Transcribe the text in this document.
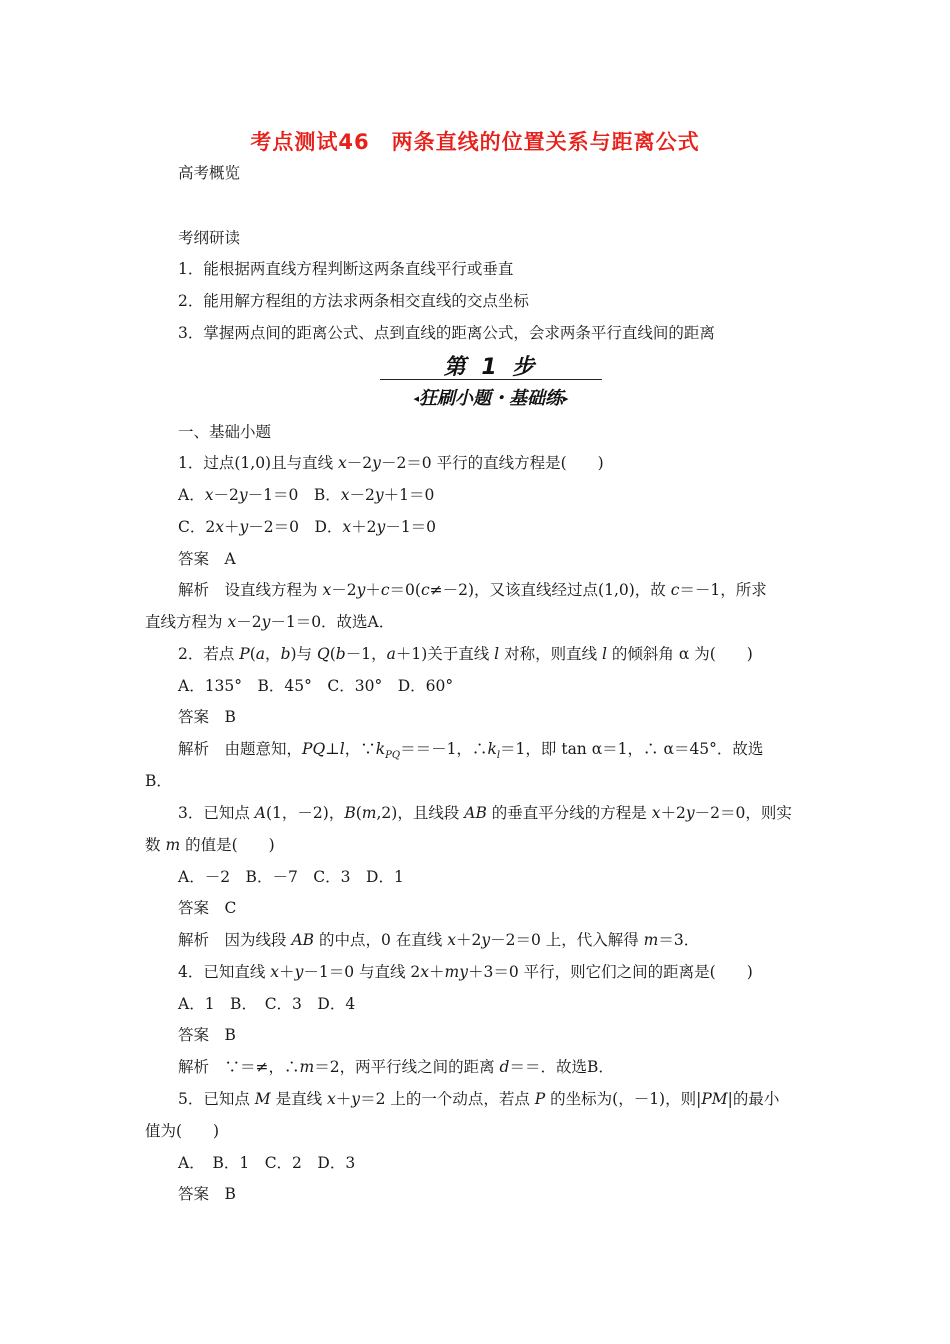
考点测试46　两条直线的位置关系与距离公式
高考概览
考纲研读
1．能根据两直线方程判断这两条直线平行或垂直
2．能用解方程组的方法求两条相交直线的交点坐标
3．掌握两点间的距离公式、点到直线的距离公式，会求两条平行直线间的距离
第 1 步
◂狂刷小题・基础练▸
一、基础小题
1．过点(1,0)且与直线 x－2y－2＝0 平行的直线方程是(　　)
A．x－2y－1＝0　B．x－2y＋1＝0
C．2x＋y－2＝0　D．x＋2y－1＝0
答案　A
解析　设直线方程为 x－2y＋c＝0(c≠－2)，又该直线经过点(1,0)，故 c＝－1，所求
直线方程为 x－2y－1＝0．故选A．
2．若点 P(a，b)与 Q(b－1，a＋1)关于直线 l 对称，则直线 l 的倾斜角 α 为(　　)
A．135°　B．45°　C．30°　D．60°
答案　B
解析　由题意知，PQ⊥l，$\because k_{PQ}==-1$，$\therefore k_l=1$，即 tan α＝1，∴ α＝45°．故选
B．
3．已知点 A(1，－2)，B(m,2)，且线段 AB 的垂直平分线的方程是 x＋2y－2＝0，则实
数 m 的值是(　　)
A．－2　B．－7　C．3　D．1
答案　C
解析　因为线段 AB 的中点，0 在直线 x＋2y－2＝0 上，代入解得 m＝3．
4．已知直线 x＋y－1＝0 与直线 2x＋my＋3＝0 平行，则它们之间的距离是(　　)
A．1　B．　C．3　D．4
答案　B
解析　∵＝≠，∴m＝2，两平行线之间的距离 d＝＝．故选B．
5．已知点 M 是直线 x＋y＝2 上的一个动点，若点 P 的坐标为(，－1)，则|PM|的最小
值为(　　)
A．　B．1　C．2　D．3
答案　B
